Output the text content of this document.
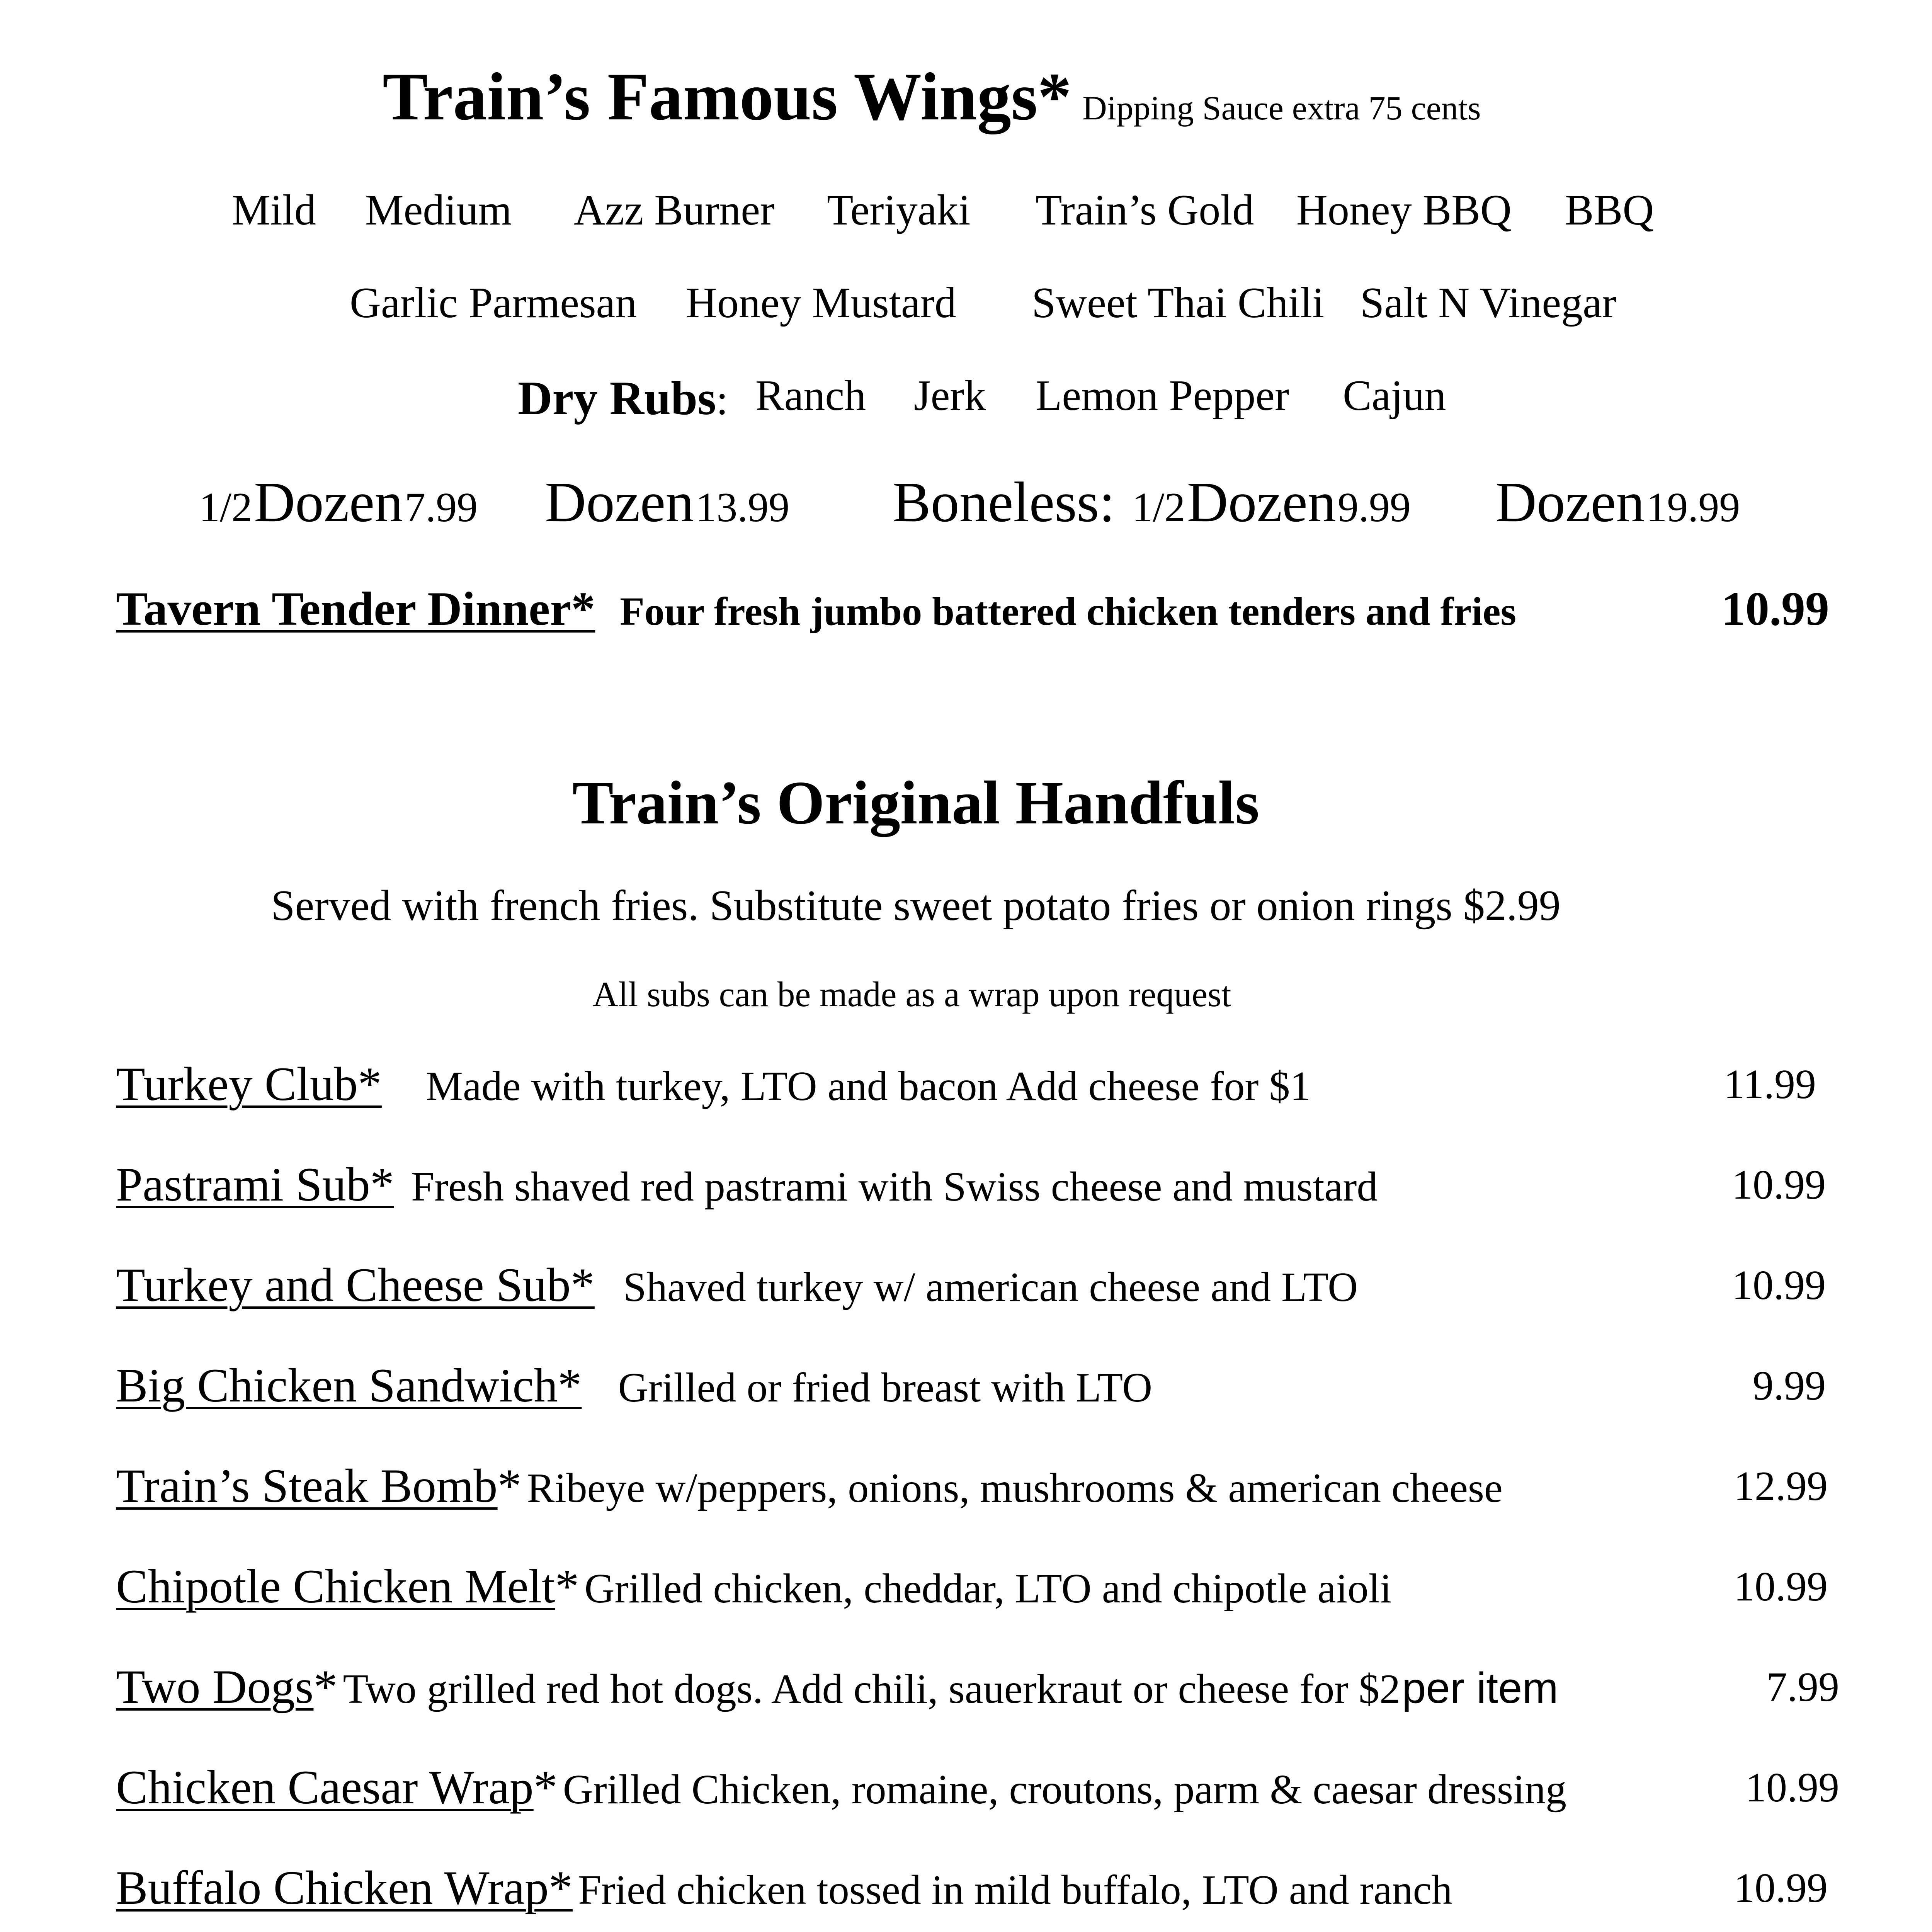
Train’s Famous Wings* Dipping Sauce extra 75 cents
Mild Medium Azz Burner Teriyaki Train’s Gold Honey BBQ BBQ
Garlic Parmesan Honey Mustard Sweet Thai Chili Salt N Vinegar
Dry Rubs: Ranch Jerk Lemon Pepper Cajun
1/2 Dozen 7.99 Dozen 13.99 Boneless: 1/2 Dozen 9.99 Dozen 19.99
Tavern Tender Dinner* Four fresh jumbo battered chicken tenders and fries	10.99
Train’s Original Handfuls
Served with french fries. Substitute sweet potato fries or onion rings $2.99
All subs can be made as a wrap upon request
Turkey Club* Made with turkey, LTO and bacon Add cheese for $1	11.99
Pastrami Sub* Fresh shaved red pastrami with Swiss cheese and mustard	10.99
Turkey and Cheese Sub* Shaved turkey w/ american cheese and LTO	10.99
Big Chicken Sandwich* Grilled or fried breast with LTO	9.99
Train’s Steak Bomb* Ribeye w/peppers, onions, mushrooms & american cheese	12.99
Chipotle Chicken Melt* Grilled chicken, cheddar, LTO and chipotle aioli	10.99
Two Dogs* Two grilled red hot dogs. Add chili, sauerkraut or cheese for $2 per item	7.99
Chicken Caesar Wrap* Grilled Chicken, romaine, croutons, parm & caesar dressing	10.99
Buffalo Chicken Wrap* Fried chicken tossed in mild buffalo, LTO and ranch	10.99
